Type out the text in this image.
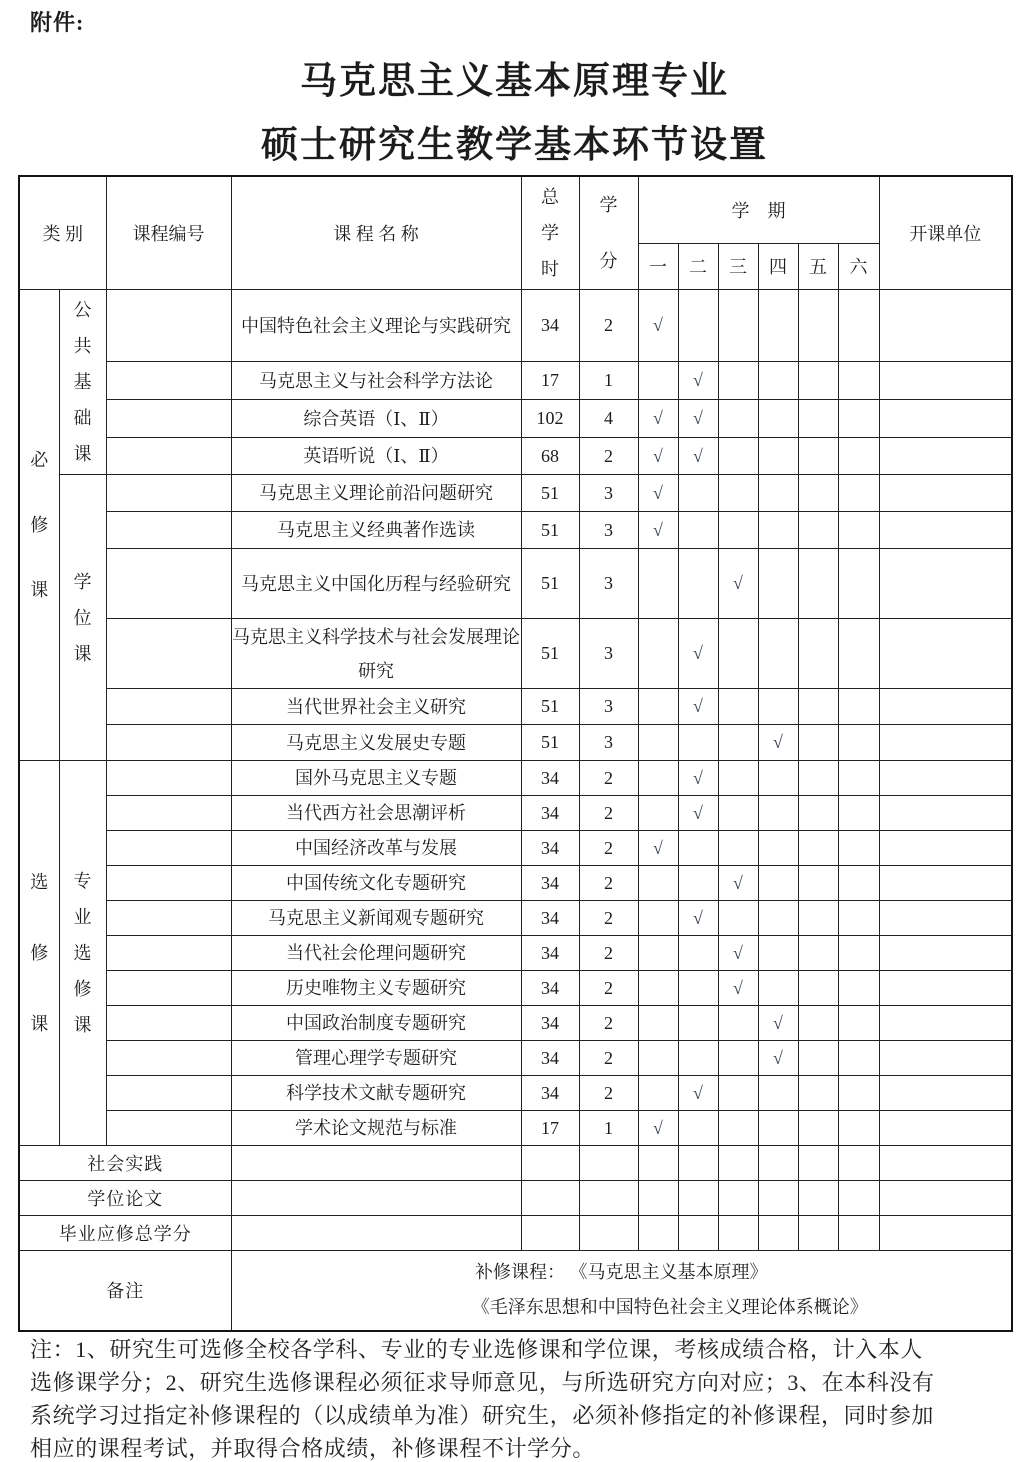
附件:
马克思主义基本原理专业
硕士研究生教学基本环节设置
类 别		课程编号	课 程 名 称	总学时	学分	学　期						开课单位
						一	二	三	四	五	六	

必修课	公共基础课		中国特色社会主义理论与实践研究	34	2	√						
			马克思主义与社会科学方法论	17	1		√					
			综合英语（Ⅰ、Ⅱ）	102	4	√	√					
			英语听说（Ⅰ、Ⅱ）	68	2	√	√					

	学位课		马克思主义理论前沿问题研究	51	3	√						
			马克思主义经典著作选读	51	3	√						
			马克思主义中国化历程与经验研究	51	3			√				
			马克思主义科学技术与社会发展理论研究	51	3		√					
			当代世界社会主义研究	51	3		√					
			马克思主义发展史专题	51	3				√			

选修课	专业选修课		国外马克思主义专题	34	2		√					
			当代西方社会思潮评析	34	2		√					
			中国经济改革与发展	34	2	√						
			中国传统文化专题研究	34	2			√				
			马克思主义新闻观专题研究	34	2		√					
			当代社会伦理问题研究	34	2			√				
			历史唯物主义专题研究	34	2			√				
			中国政治制度专题研究	34	2				√			
			管理心理学专题研究	34	2				√			
			科学技术文献专题研究	34	2		√					
			学术论文规范与标准	17	1	√						
社会实践												
学位论文												
毕业应修总学分												
备注			补修课程： 《马克思主义基本原理》
《毛泽东思想和中国特色社会主义理论体系概论》									
注：1、研究生可选修全校各学科、专业的专业选修课和学位课，考核成绩合格，计入本人
选修课学分；2、研究生选修课程必须征求导师意见，与所选研究方向对应；3、在本科没有
系统学习过指定补修课程的（以成绩单为准）研究生，必须补修指定的补修课程，同时参加
相应的课程考试，并取得合格成绩，补修课程不计学分。
